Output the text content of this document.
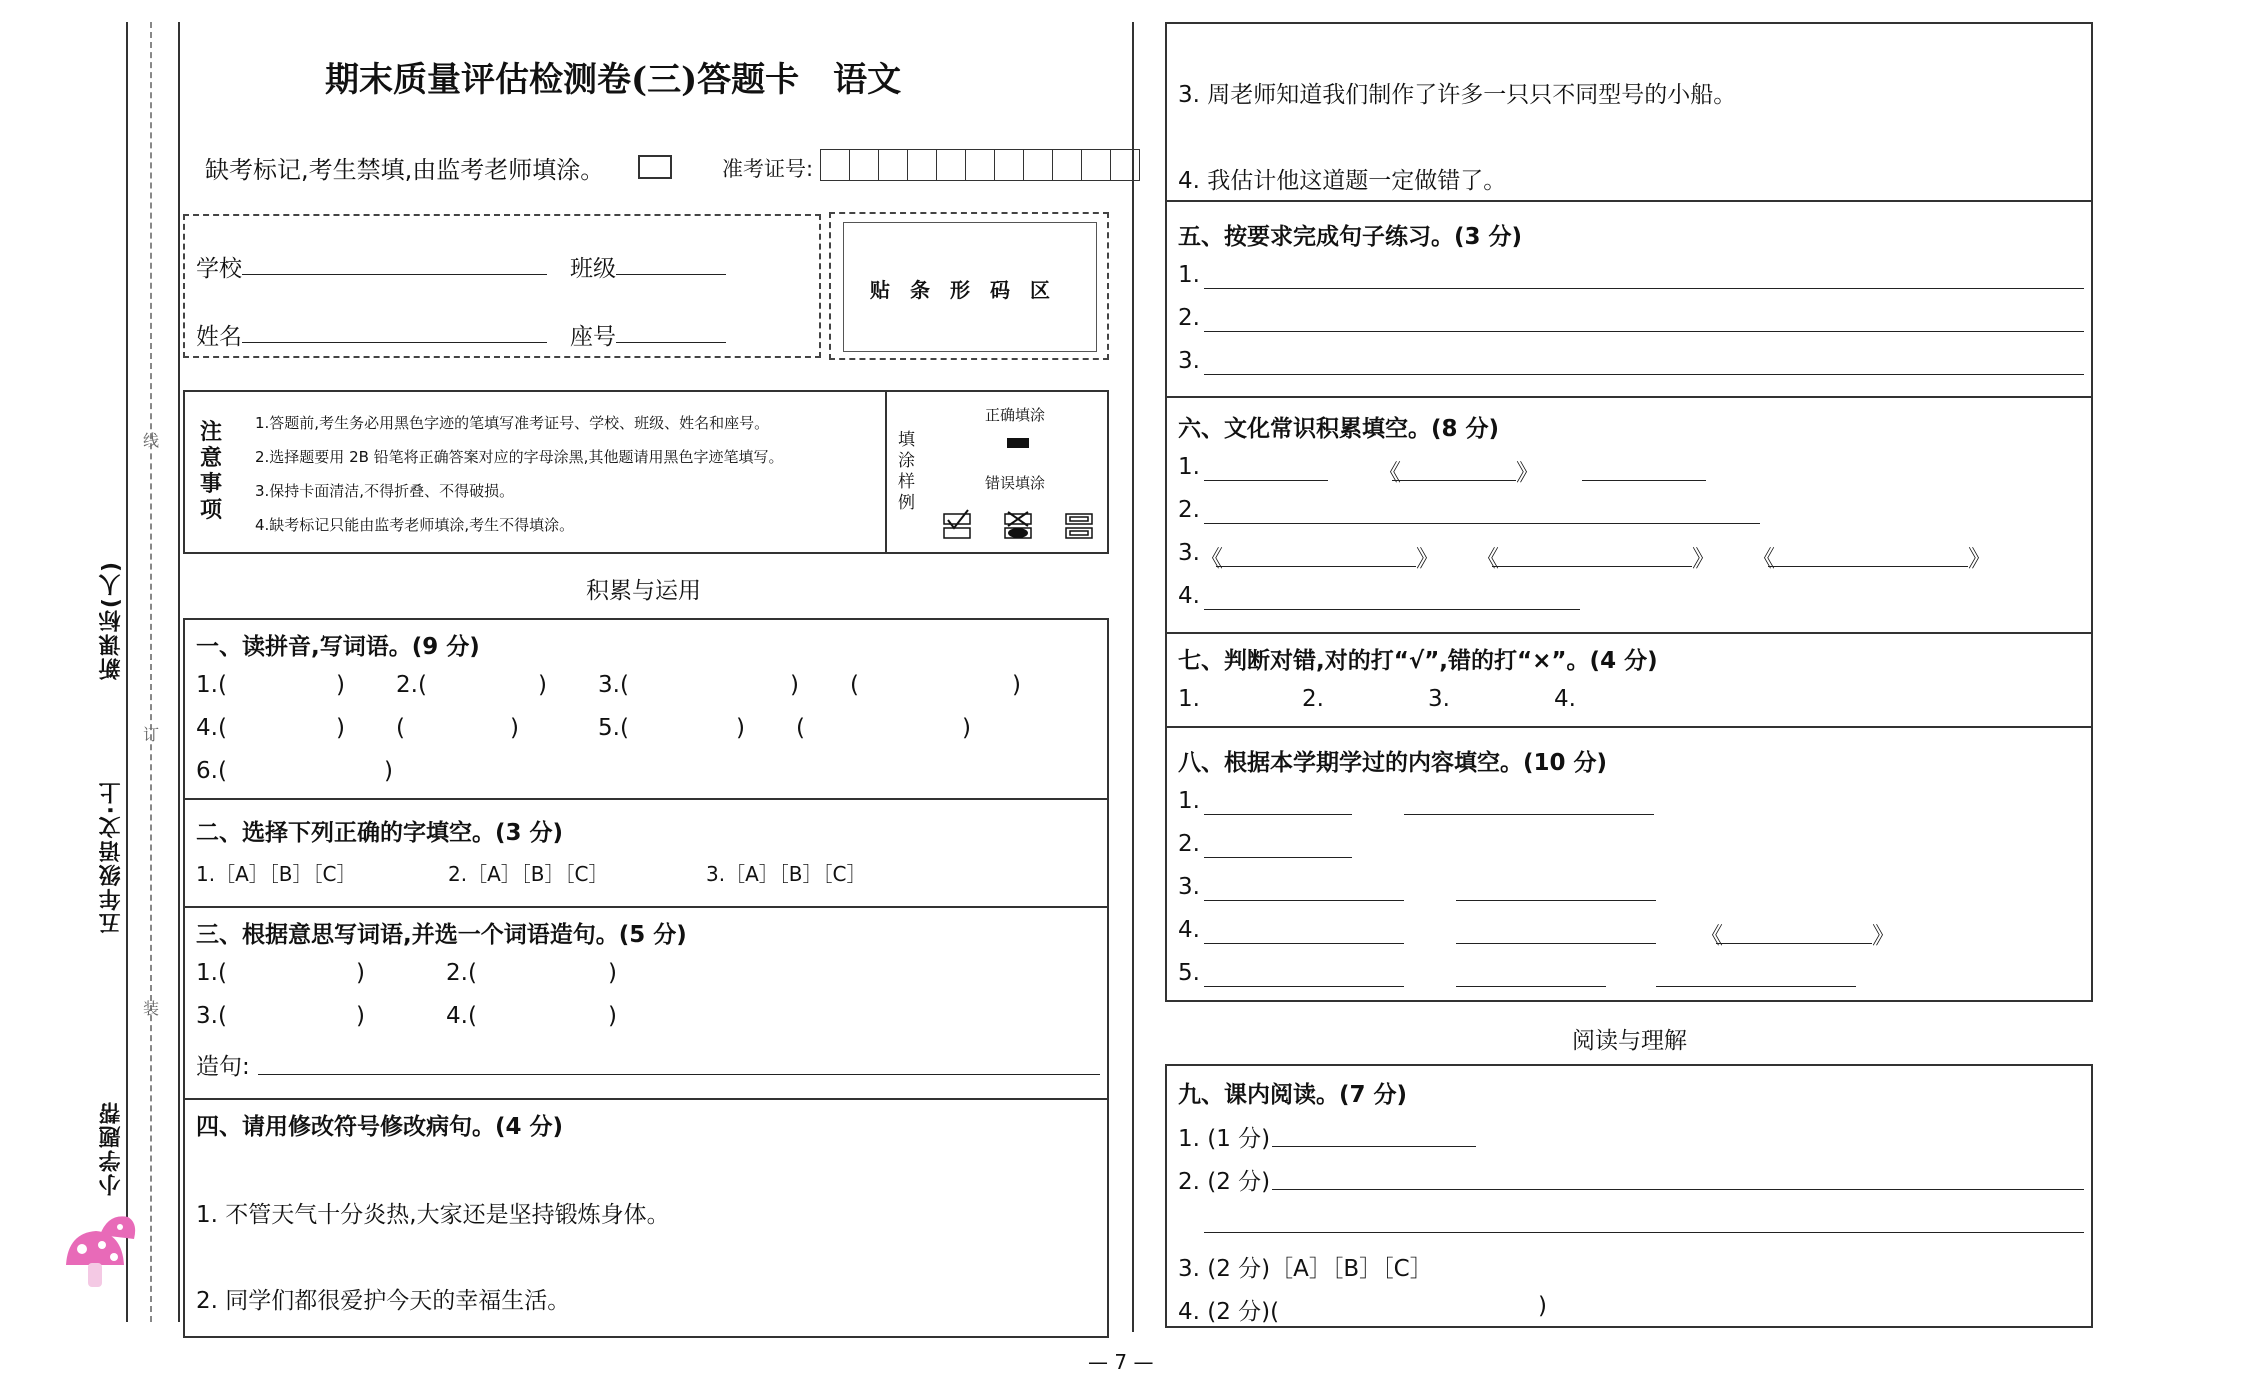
新课标(人)
五年级语文·上
小学题帮
线
订
装
期末质量评估检测卷(三)答题卡　语文
缺考标记,考生禁填,由监考老师填涂。	准考证号:
学校	班级
姓名	座号
贴　条　形　码　区
注意事项
1.答题前,考生务必用黑色字迹的笔填写准考证号、学校、班级、姓名和座号。
2.选择题要用 2B 铅笔将正确答案对应的字母涂黑,其他题请用黑色字迹笔填写。
3.保持卡面清洁,不得折叠、不得破损。
4.缺考标记只能由监考老师填涂,考生不得填涂。
填涂样例
正确填涂
错误填涂
积累与运用
一、读拼音,写词语。(9 分)
1.(	) 2.(	) 3.(	) (	)
4.(	) (	)	5.(	) (	)
6.(	)
二、选择下列正确的字填空。(3 分)
1.［A］［B］［C］	2.［A］［B］［C］	3.［A］［B］［C］
三、根据意思写词语,并选一个词语造句。(5 分)
1.(	)	2.(	)
3.(	)	4.(	)
造句:
四、请用修改符号修改病句。(4 分)
1. 不管天气十分炎热,大家还是坚持锻炼身体。
2. 同学们都很爱护今天的幸福生活。
3. 周老师知道我们制作了许多一只只不同型号的小船。
4. 我估计他这道题一定做错了。
五、按要求完成句子练习。(3 分)
1.
2.
3.
六、文化常识积累填空。(8 分)
1.	《	》
2.
3. 《	》 《	》 《	》
4.
七、判断对错,对的打“√”,错的打“×”。(4 分)
1.	2.	3.	4.
八、根据本学期学过的内容填空。(10 分)
1.
2.
3.
4.	《	》
5.
阅读与理解
九、课内阅读。(7 分)
1. (1 分)
2. (2 分)
3. (2 分)［A］［B］［C］
4. (2 分)(	)
— 7 —
